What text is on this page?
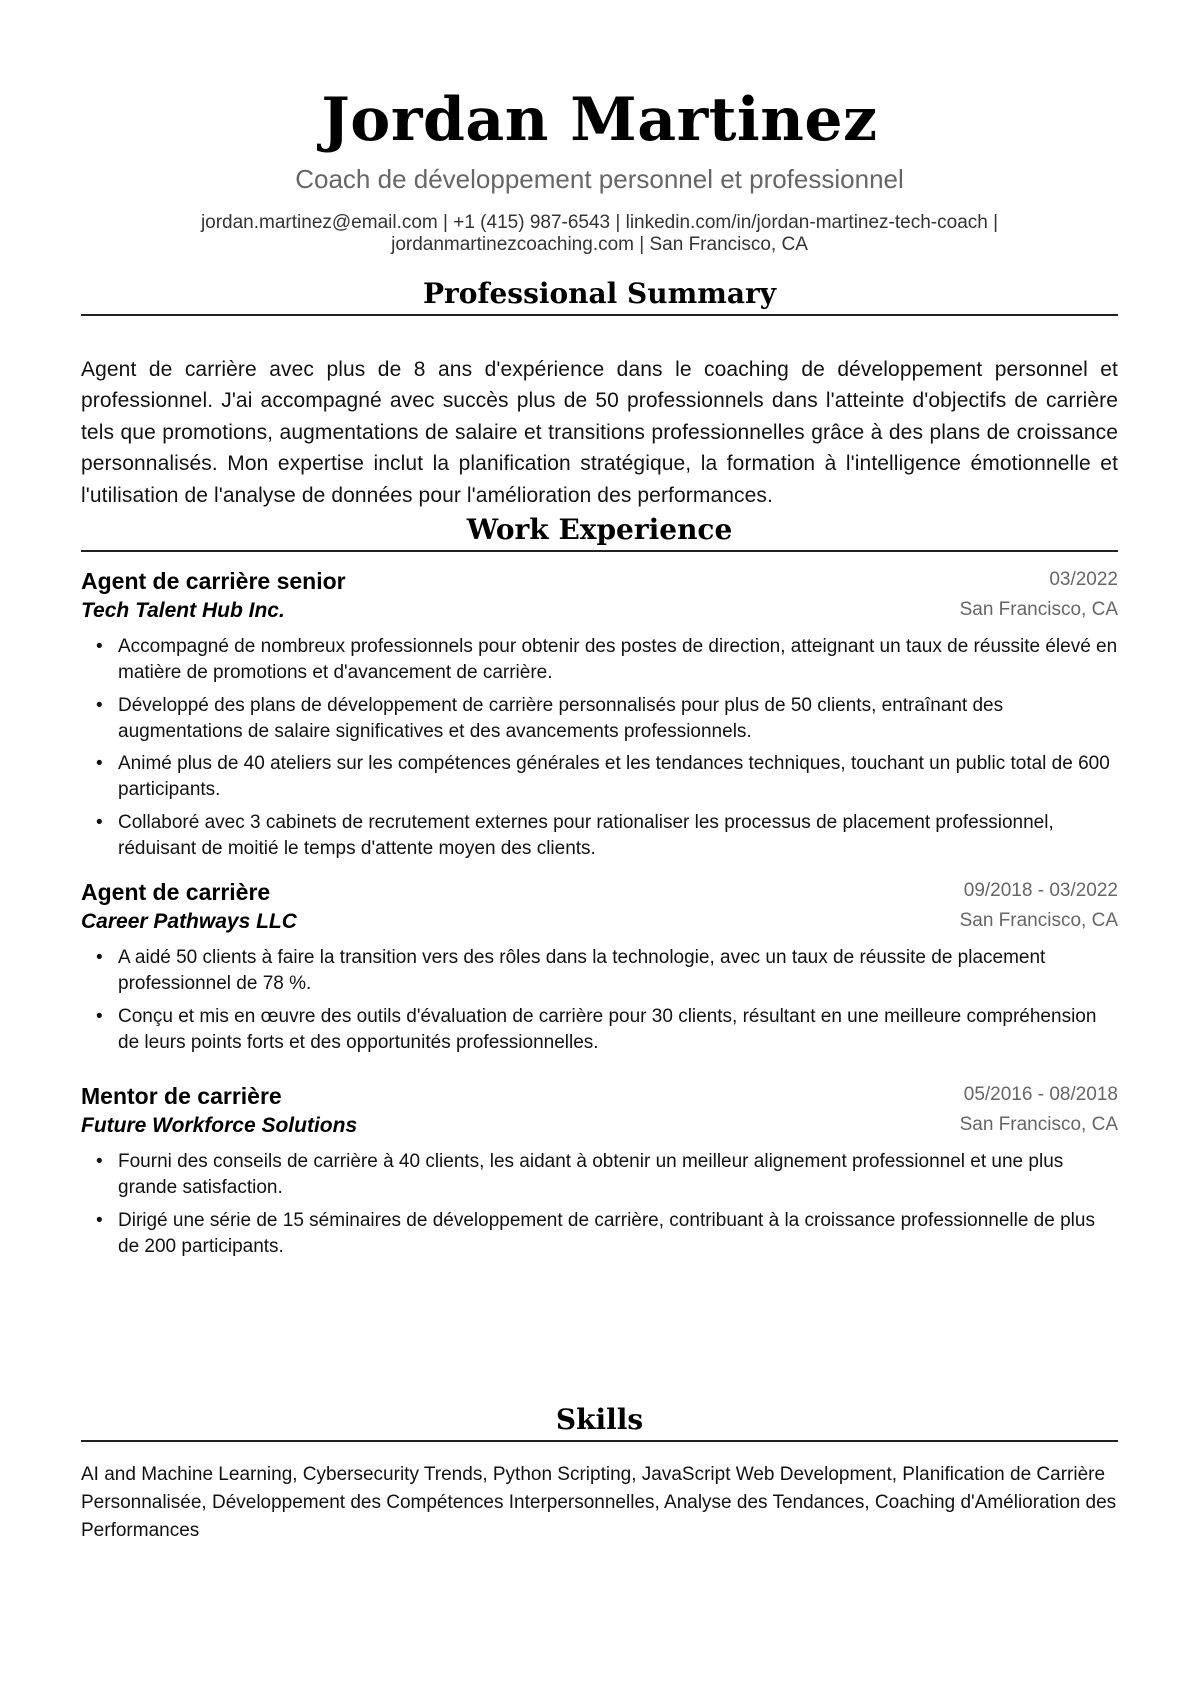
Jordan Martinez
Coach de développement personnel et professionnel
jordan.martinez@email.com | +1 (415) 987-6543 | linkedin.com/in/jordan-martinez-tech-coach |
jordanmartinezcoaching.com | San Francisco, CA
Professional Summary

Agent de carrière avec plus de 8 ans d'expérience dans le coaching de développement personnel et professionnel. J'ai accompagné avec succès plus de 50 professionnels dans l'atteinte d'objectifs de carrière tels que promotions, augmentations de salaire et transitions professionnelles grâce à des plans de croissance personnalisés. Mon expertise inclut la planification stratégique, la formation à l'intelligence émotionnelle et l'utilisation de l'analyse de données pour l'amélioration des performances.

Work Experience
Agent de carrière senior	03/2022
Tech Talent Hub Inc.	San Francisco, CA
• Accompagné de nombreux professionnels pour obtenir des postes de direction, atteignant un taux de réussite élevé en matière de promotions et d'avancement de carrière.
• Développé des plans de développement de carrière personnalisés pour plus de 50 clients, entraînant des augmentations de salaire significatives et des avancements professionnels.
• Animé plus de 40 ateliers sur les compétences générales et les tendances techniques, touchant un public total de 600 participants.
• Collaboré avec 3 cabinets de recrutement externes pour rationaliser les processus de placement professionnel, réduisant de moitié le temps d'attente moyen des clients.
Agent de carrière	09/2018 - 03/2022
Career Pathways LLC	San Francisco, CA
• A aidé 50 clients à faire la transition vers des rôles dans la technologie, avec un taux de réussite de placement professionnel de 78 %.
• Conçu et mis en œuvre des outils d'évaluation de carrière pour 30 clients, résultant en une meilleure compréhension de leurs points forts et des opportunités professionnelles.
Mentor de carrière	05/2016 - 08/2018
Future Workforce Solutions	San Francisco, CA
• Fourni des conseils de carrière à 40 clients, les aidant à obtenir un meilleur alignement professionnel et une plus grande satisfaction.
• Dirigé une série de 15 séminaires de développement de carrière, contribuant à la croissance professionnelle de plus de 200 participants.
Skills

AI and Machine Learning, Cybersecurity Trends, Python Scripting, JavaScript Web Development, Planification de Carrière Personnalisée, Développement des Compétences Interpersonnelles, Analyse des Tendances, Coaching d'Amélioration des Performances
